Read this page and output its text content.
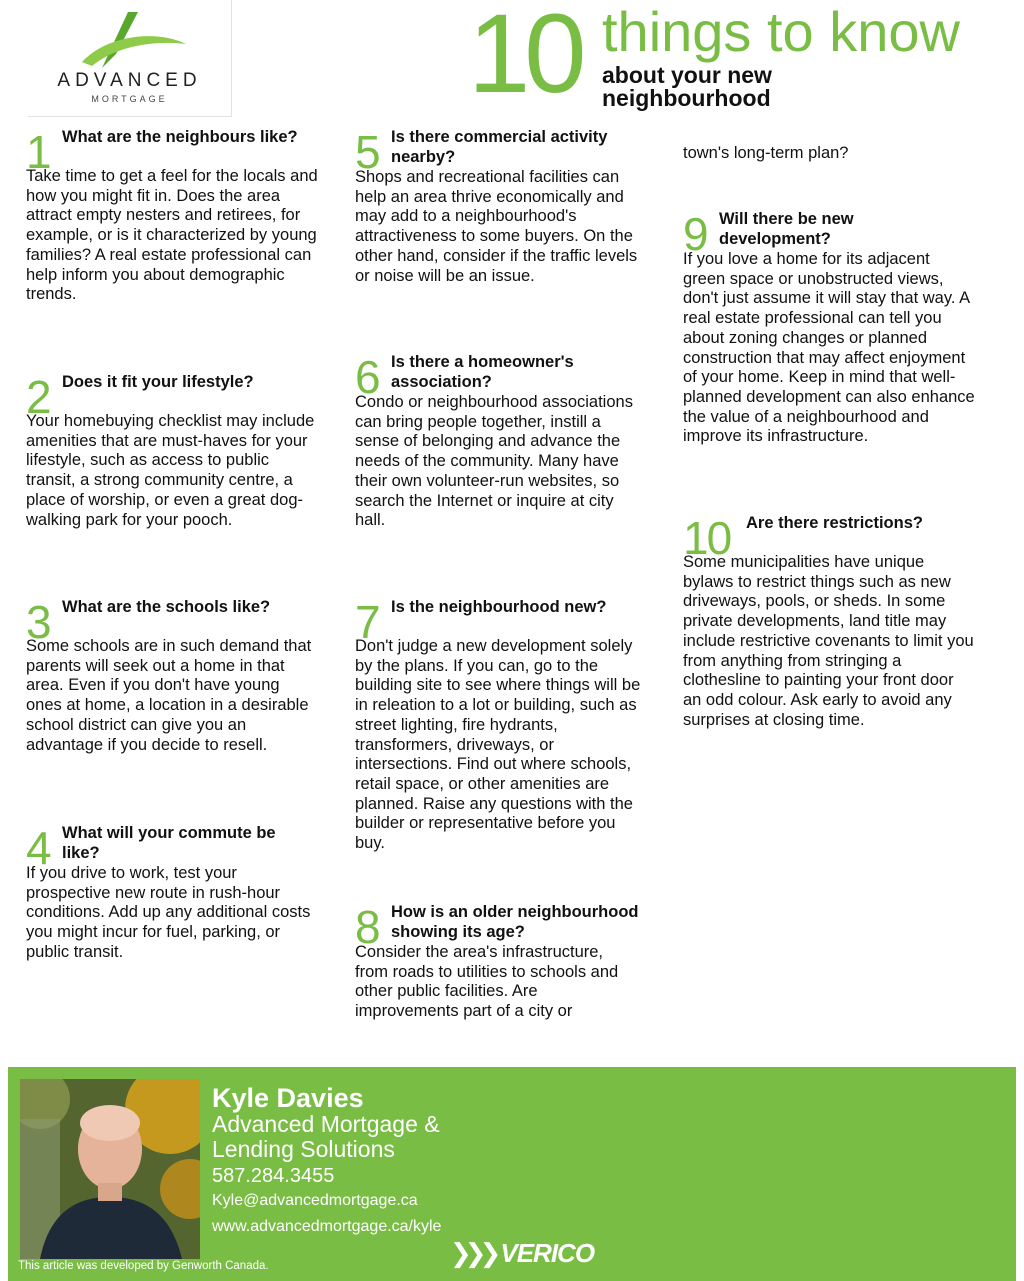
ADVANCED
MORTGAGE	10 things to know
about your new neighbourhood
1 What are the neighbours like?
Take time to get a feel for the locals and how you might fit in. Does the area attract empty nesters and retirees, for example, or is it characterized by young families? A real estate professional can help inform you about demographic trends.
2 Does it fit your lifestyle?
Your homebuying checklist may include amenities that are must-haves for your lifestyle, such as access to public transit, a strong community centre, a place of worship, or even a great dog-walking park for your pooch.
3 What are the schools like?
Some schools are in such demand that parents will seek out a home in that area. Even if you don't have young ones at home, a location in a desirable school district can give you an advantage if you decide to resell.
4 What will your commute be like?
If you drive to work, test your prospective new route in rush-hour conditions. Add up any additional costs you might incur for fuel, parking, or public transit.
5 Is there commercial activity nearby?
Shops and recreational facilities can help an area thrive economically and may add to a neighbourhood's attractiveness to some buyers. On the other hand, consider if the traffic levels or noise will be an issue.
6 Is there a homeowner's association?
Condo or neighbourhood associations can bring people together, instill a sense of belonging and advance the needs of the community. Many have their own volunteer-run websites, so search the Internet or inquire at city hall.
7 Is the neighbourhood new?
Don't judge a new development solely by the plans. If you can, go to the building site to see where things will be in releation to a lot or building, such as street lighting, fire hydrants, transformers, driveways, or intersections. Find out where schools, retail space, or other amenities are planned. Raise any questions with the builder or representative before you buy.
8 How is an older neighbourhood showing its age?
Consider the area's infrastructure, from roads to utilities to schools and other public facilities. Are improvements part of a city or
town's long-term plan?
9 Will there be new development?
If you love a home for its adjacent green space or unobstructed views, don't just assume it will stay that way. A real estate professional can tell you about zoning changes or planned construction that may affect enjoyment of your home. Keep in mind that well-planned development can also enhance the value of a neighbourhood and improve its infrastructure.
10 Are there restrictions?
Some municipalities have unique bylaws to restrict things such as new driveways, pools, or sheds. In some private developments, land title may include restrictive covenants to limit you from anything from stringing a clothesline to painting your front door an odd colour. Ask early to avoid any surprises at closing time.
Kyle Davies
Advanced Mortgage & Lending Solutions
587.284.3455
Kyle@advancedmortgage.ca
www.advancedmortgage.ca/kyle
❯❯❯ VERICO
This article was developed by Genworth Canada.
